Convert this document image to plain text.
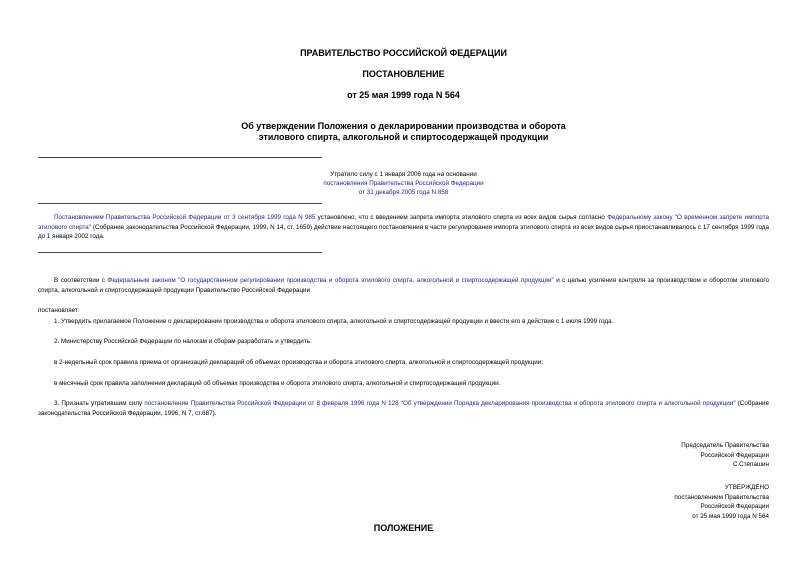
ПРАВИТЕЛЬСТВО РОССИЙСКОЙ ФЕДЕРАЦИИ
ПОСТАНОВЛЕНИЕ
от 25 мая 1999 года N 564
Об утверждении Положения о декларировании производства и оборота
этилового спирта, алкогольной и спиртосодержащей продукции
Утратило силу с 1 января 2006 года на основании
постановления Правительства Российской Федерации
от 31 декабря 2005 года N 858
Постановлением Правительства Российской Федерации от 3 сентября 1999 года N 985 установлено, что с введением запрета импорта этилового спирта из всех видов сырья согласно Федеральному закону "О временном запрете импорта этилового спирта" (Собрание законодательства Российской Федерации, 1999, N 14, ст. 1659) действие настоящего постановления в части регулирования импорта этилового спирта из всех видов сырья приостанавливалось с 17 сентября 1999 года до 1 января 2002 года.
В соответствии с Федеральным законом "О государственном регулировании производства и оборота этилового спирта, алкогольной и спиртосодержащей продукции" и с целью усиления контроля за производством и оборотом этилового спирта, алкогольной и спиртосодержащей продукции Правительство Российской Федерации
постановляет:
1. Утвердить прилагаемое Положение о декларировании производства и оборота этилового спирта, алкогольной и спиртосодержащей продукции и ввести его в действие с 1 июля 1999 года.
2. Министерству Российской Федерации по налогам и сборам разработать и утвердить:
в 2-недельный срок правила приема от организаций деклараций об объемах производства и оборота этилового спирта, алкогольной и спиртосодержащей продукции;
в месячный срок правила заполнения деклараций об объемах производства и оборота этилового спирта, алкогольной и спиртосодержащей продукции.
3. Признать утратившим силу постановление Правительства Российской Федерации от 8 февраля 1996 года N 128 "Об утверждении Порядка декларирования производства и оборота этилового спирта и алкогольной продукции" (Собрание законодательства Российской Федерации, 1996, N 7, ст.687).
Председатель Правительства
Российской Федерации
С.Степашин
УТВЕРЖДЕНО
постановлением Правительства
Российской Федерации
от 25 мая 1999 года N 564
ПОЛОЖЕНИЕ
